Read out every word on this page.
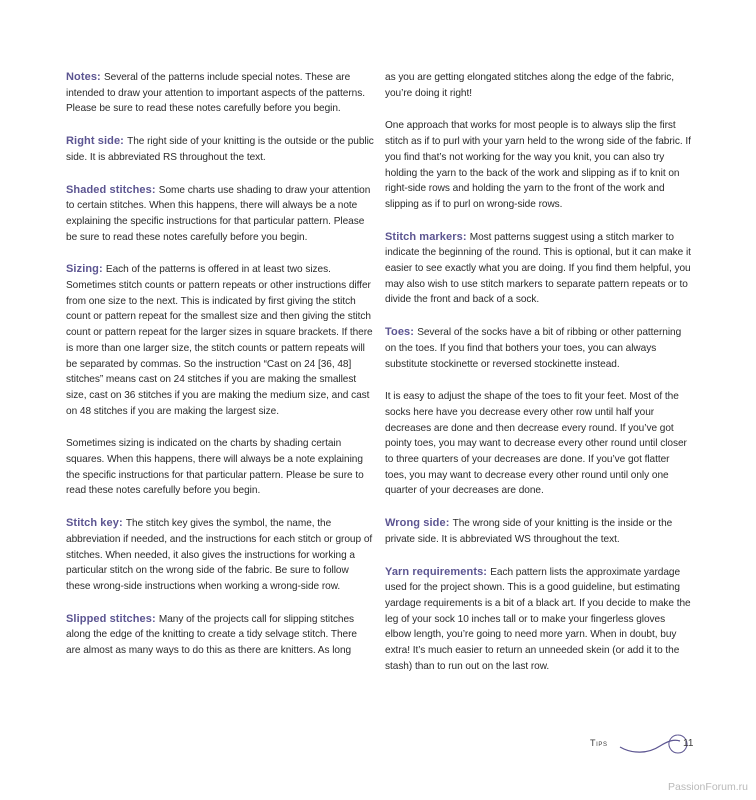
Notes: Several of the patterns include special notes. These are intended to draw your attention to important aspects of the patterns. Please be sure to read these notes carefully before you begin.

Right side: The right side of your knitting is the outside or the public side. It is abbreviated RS throughout the text.

Shaded stitches: Some charts use shading to draw your attention to certain stitches. When this happens, there will always be a note explaining the specific instructions for that particular pattern. Please be sure to read these notes carefully before you begin.

Sizing: Each of the patterns is offered in at least two sizes. Sometimes stitch counts or pattern repeats or other instructions differ from one size to the next. This is indicated by first giving the stitch count or pattern repeat for the smallest size and then giving the stitch count or pattern repeat for the larger sizes in square brackets. If there is more than one larger size, the stitch counts or pattern repeats will be separated by commas. So the instruction “Cast on 24 [36, 48] stitches” means cast on 24 stitches if you are making the smallest size, cast on 36 stitches if you are making the medium size, and cast on 48 stitches if you are making the largest size.

Sometimes sizing is indicated on the charts by shading certain squares. When this happens, there will always be a note explaining the specific instructions for that particular pattern. Please be sure to read these notes carefully before you begin.

Stitch key: The stitch key gives the symbol, the name, the abbreviation if needed, and the instructions for each stitch or group of stitches. When needed, it also gives the instructions for working a particular stitch on the wrong side of the fabric. Be sure to follow these wrong-side instructions when working a wrong-side row.

Slipped stitches: Many of the projects call for slipping stitches along the edge of the knitting to create a tidy selvage stitch. There are almost as many ways to do this as there are knitters. As long

as you are getting elongated stitches along the edge of the fabric, you’re doing it right!

One approach that works for most people is to always slip the first stitch as if to purl with your yarn held to the wrong side of the fabric. If you find that’s not working for the way you knit, you can also try holding the yarn to the back of the work and slipping as if to knit on right-side rows and holding the yarn to the front of the work and slipping as if to purl on wrong-side rows.

Stitch markers: Most patterns suggest using a stitch marker to indicate the beginning of the round. This is optional, but it can make it easier to see exactly what you are doing. If you find them helpful, you may also wish to use stitch markers to separate pattern repeats or to divide the front and back of a sock.

Toes: Several of the socks have a bit of ribbing or other patterning on the toes. If you find that bothers your toes, you can always substitute stockinette or reversed stockinette instead.

It is easy to adjust the shape of the toes to fit your feet. Most of the socks here have you decrease every other row until half your decreases are done and then decrease every round. If you’ve got pointy toes, you may want to decrease every other round until closer to three quarters of your decreases are done. If you’ve got flatter toes, you may want to decrease every other round until only one quarter of your decreases are done.

Wrong side: The wrong side of your knitting is the inside or the private side. It is abbreviated WS throughout the text.

Yarn requirements: Each pattern lists the approximate yardage used for the project shown. This is a good guideline, but estimating yardage requirements is a bit of a black art. If you decide to make the leg of your sock 10 inches tall or to make your fingerless gloves elbow length, you’re going to need more yarn. When in doubt, buy extra! It’s much easier to return an unneeded skein (or add it to the stash) than to run out on the last row.

Tips	11
PassionForum.ru
